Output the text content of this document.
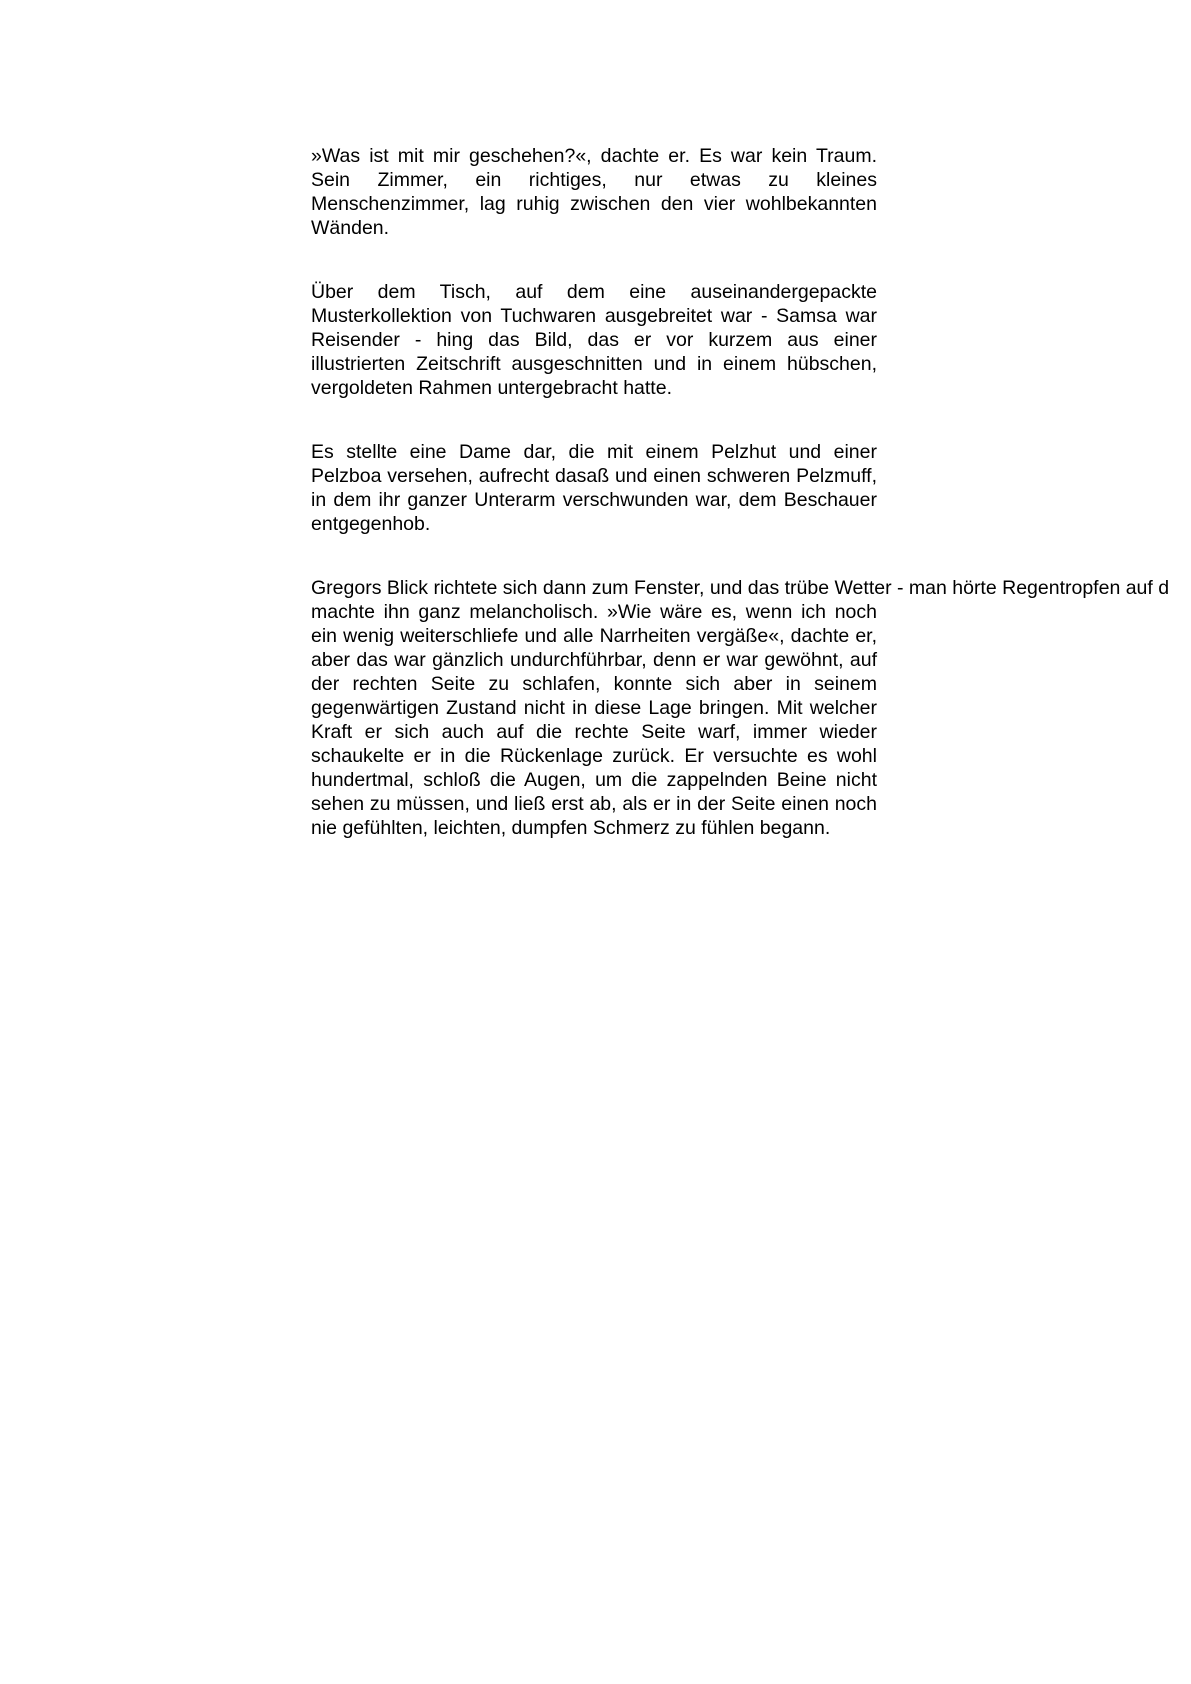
»Was ist mit mir geschehen?«, dachte er. Es war kein Traum. Sein Zimmer, ein richtiges, nur etwas zu kleines Menschenzimmer, lag ruhig zwischen den vier wohlbekannten Wänden.

Über dem Tisch, auf dem eine auseinandergepackte Musterkollektion von Tuchwaren ausgebreitet war - Samsa war Reisender - hing das Bild, das er vor kurzem aus einer illustrierten Zeitschrift ausgeschnitten und in einem hübschen, vergoldeten Rahmen untergebracht hatte.

Es stellte eine Dame dar, die mit einem Pelzhut und einer Pelzboa versehen, aufrecht dasaß und einen schweren Pelzmuff, in dem ihr ganzer Unterarm verschwunden war, dem Beschauer entgegenhob.

Gregors Blick richtete sich dann zum Fenster, und das trübe Wetter - man hörte Regentropfen auf d
machte ihn ganz melancholisch. »Wie wäre es, wenn ich noch ein wenig weiterschliefe und alle Narrheiten vergäße«, dachte er, aber das war gänzlich undurchführbar, denn er war gewöhnt, auf der rechten Seite zu schlafen, konnte sich aber in seinem gegenwärtigen Zustand nicht in diese Lage bringen. Mit welcher Kraft er sich auch auf die rechte Seite warf, immer wieder schaukelte er in die Rückenlage zurück. Er versuchte es wohl hundertmal, schloß die Augen, um die zappelnden Beine nicht sehen zu müssen, und ließ erst ab, als er in der Seite einen noch nie gefühlten, leichten, dumpfen Schmerz zu fühlen begann.
